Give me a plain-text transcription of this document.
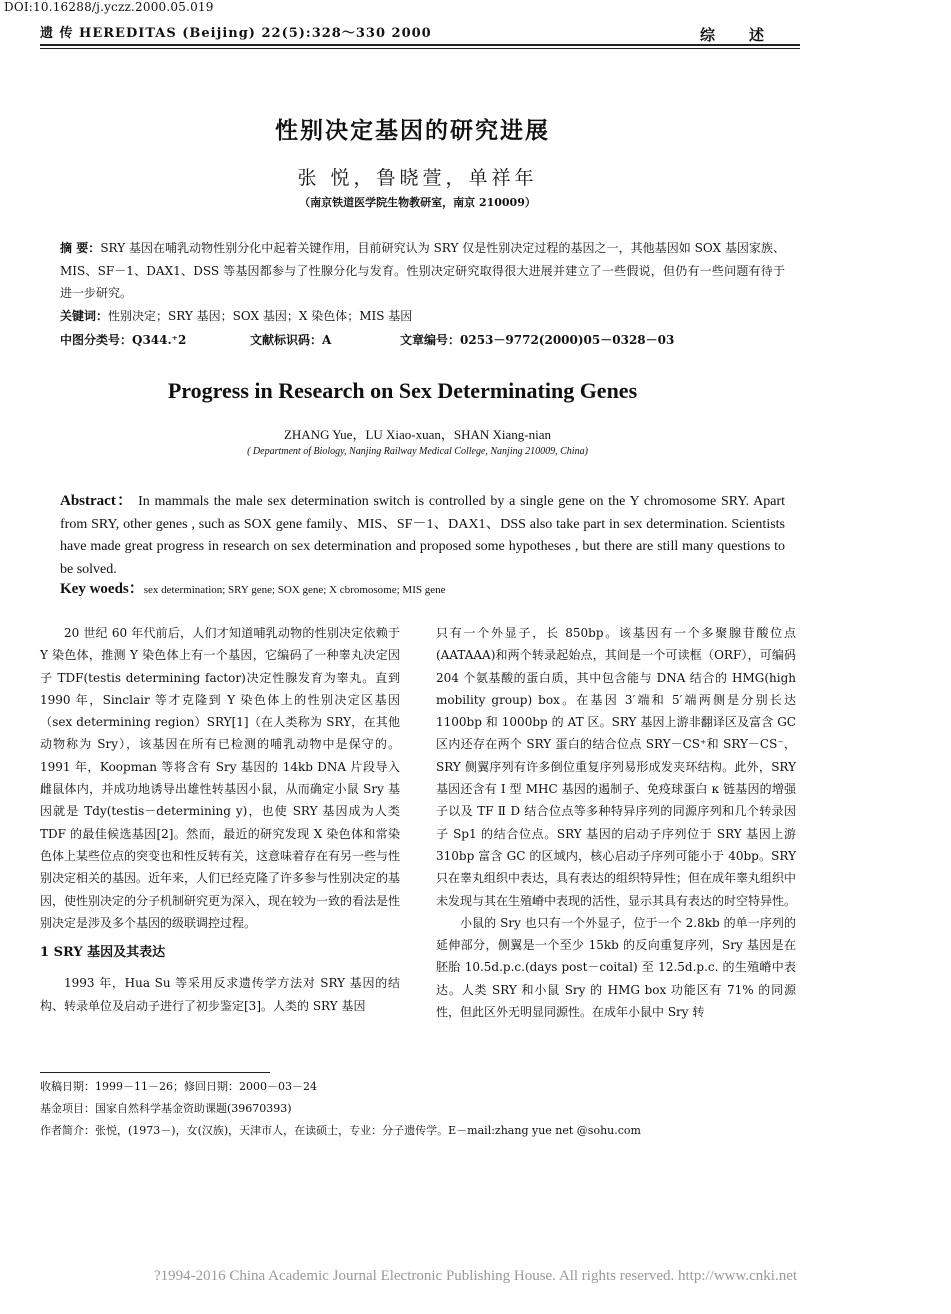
DOI:10.16288/j.yczz.2000.05.019
遗 传 HEREDITAS (Beijing) 22(5):328～330 2000	综述
性别决定基因的研究进展
张 悦，鲁晓萱，单祥年
（南京铁道医学院生物教研室，南京 210009）
摘 要：SRY 基因在哺乳动物性别分化中起着关键作用，目前研究认为 SRY 仅是性别决定过程的基因之一，其他基因如 SOX 基因家族、MIS、SF－1、DAX1、DSS 等基因都参与了性腺分化与发育。性别决定研究取得很大进展并建立了一些假说，但仍有一些问题有待于进一步研究。
关键词：性别决定；SRY 基因；SOX 基因；X 染色体；MIS 基因
中图分类号：Q344.⁺2	文献标识码：A	文章编号：0253－9772(2000)05－0328－03
Progress in Research on Sex Determinating Genes
ZHANG Yue，LU Xiao-xuan，SHAN Xiang-nian
( Department of Biology, Nanjing Railway Medical College, Nanjing 210009, China)
Abstract： In mammals the male sex determination switch is controlled by a single gene on the Y chromosome SRY. Apart from SRY, other genes , such as SOX gene family、MIS、SF－1、DAX1、DSS also take part in sex determination. Scientists have made great progress in research on sex determination and proposed some hypotheses , but there are still many questions to be solved.
Key woeds：sex determination; SRY gene; SOX gene; X cbromosome; MIS gene

20 世纪 60 年代前后，人们才知道哺乳动物的性别决定依赖于 Y 染色体，推测 Y 染色体上有一个基因，它编码了一种睾丸决定因子 TDF(testis determining factor)决定性腺发育为睾丸。直到 1990 年，Sinclair 等才克隆到 Y 染色体上的性别决定区基因（sex determining region）SRY[1]（在人类称为 SRY，在其他动物称为 Sry），该基因在所有已检测的哺乳动物中是保守的。1991 年，Koopman 等将含有 Sry 基因的 14kb DNA 片段导入雌鼠体内，并成功地诱导出雄性转基因小鼠，从而确定小鼠 Sry 基因就是 Tdy(testis－determining y)，也使 SRY 基因成为人类 TDF 的最佳候选基因[2]。然而，最近的研究发现 X 染色体和常染色体上某些位点的突变也和性反转有关，这意味着存在有另一些与性别决定相关的基因。近年来，人们已经克隆了许多参与性别决定的基因，使性别决定的分子机制研究更为深入，现在较为一致的看法是性别决定是涉及多个基因的级联调控过程。

1 SRY 基因及其表达

1993 年，Hua Su 等采用反求遗传学方法对 SRY 基因的结构、转录单位及启动子进行了初步鉴定[3]。人类的 SRY 基因

只有一个外显子，长 850bp。该基因有一个多聚腺苷酸位点(AATAAA)和两个转录起始点，其间是一个可读框（ORF），可编码 204 个氨基酸的蛋白质，其中包含能与 DNA 结合的 HMG(high mobility group) box。在基因 3′端和 5′端两侧是分别长达 1100bp 和 1000bp 的 AT 区。SRY 基因上游非翻译区及富含 GC 区内还存在两个 SRY 蛋白的结合位点 SRY－CS⁺和 SRY－CS⁻，SRY 侧翼序列有许多倒位重复序列易形成发夹环结构。此外，SRY 基因还含有 I 型 MHC 基因的遏制子、免疫球蛋白 κ 链基因的增强子以及 TF Ⅱ D 结合位点等多种特异序列的同源序列和几个转录因子 Sp1 的结合位点。SRY 基因的启动子序列位于 SRY 基因上游 310bp 富含 GC 的区域内，核心启动子序列可能小于 40bp。SRY 只在睾丸组织中表达，具有表达的组织特异性；但在成年睾丸组织中未发现与其在生殖嵴中表现的活性，显示其具有表达的时空特异性。

小鼠的 Sry 也只有一个外显子，位于一个 2.8kb 的单一序列的延伸部分，侧翼是一个至少 15kb 的反向重复序列，Sry 基因是在胚胎 10.5d.p.c.(days post－coital) 至 12.5d.p.c. 的生殖嵴中表达。人类 SRY 和小鼠 Sry 的 HMG box 功能区有 71% 的同源性，但此区外无明显同源性。在成年小鼠中 Sry 转

收稿日期：1999－11－26；修回日期：2000－03－24
基金项目：国家自然科学基金资助课题(39670393)
作者简介：张悦，(1973－)，女(汉族)，天津市人，在读硕士，专业：分子遗传学。E－mail:zhang yue net @sohu.com
?1994-2016 China Academic Journal Electronic Publishing House. All rights reserved. http://www.cnki.net
